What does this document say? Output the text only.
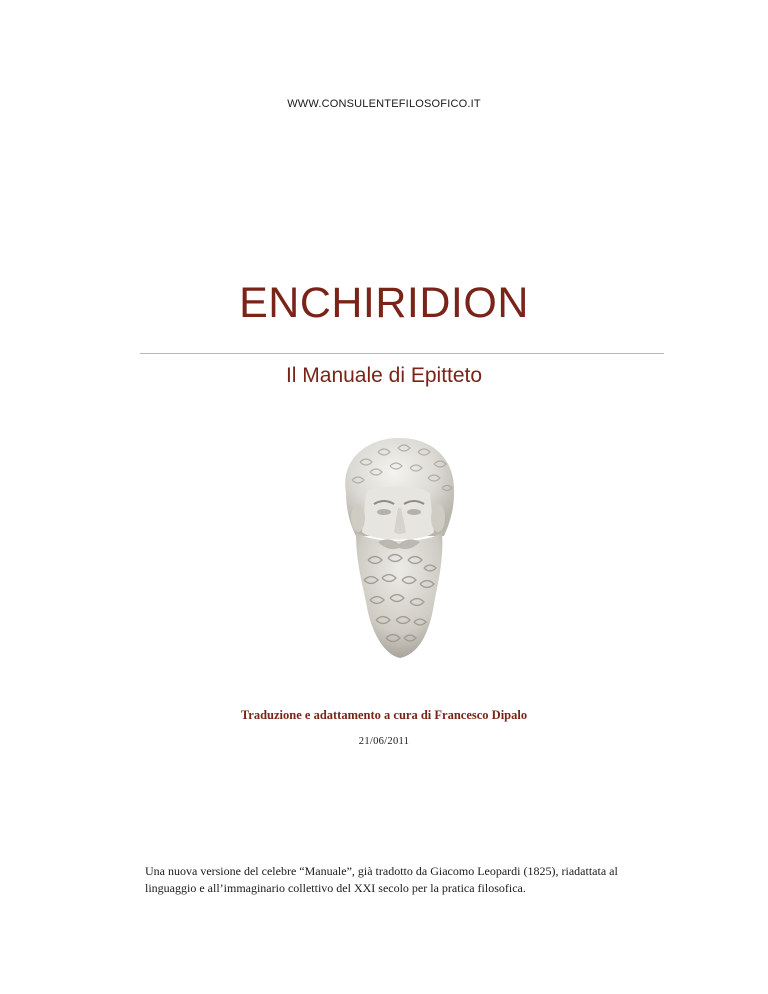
WWW.CONSULENTEFILOSOFICO.IT
ENCHIRIDION
Il Manuale di Epitteto
Traduzione e adattamento a cura di Francesco Dipalo
21/06/2011
Una nuova versione del celebre “Manuale”, già tradotto da Giacomo Leopardi (1825), riadattata al
linguaggio e all’immaginario collettivo del XXI secolo per la pratica filosofica.
